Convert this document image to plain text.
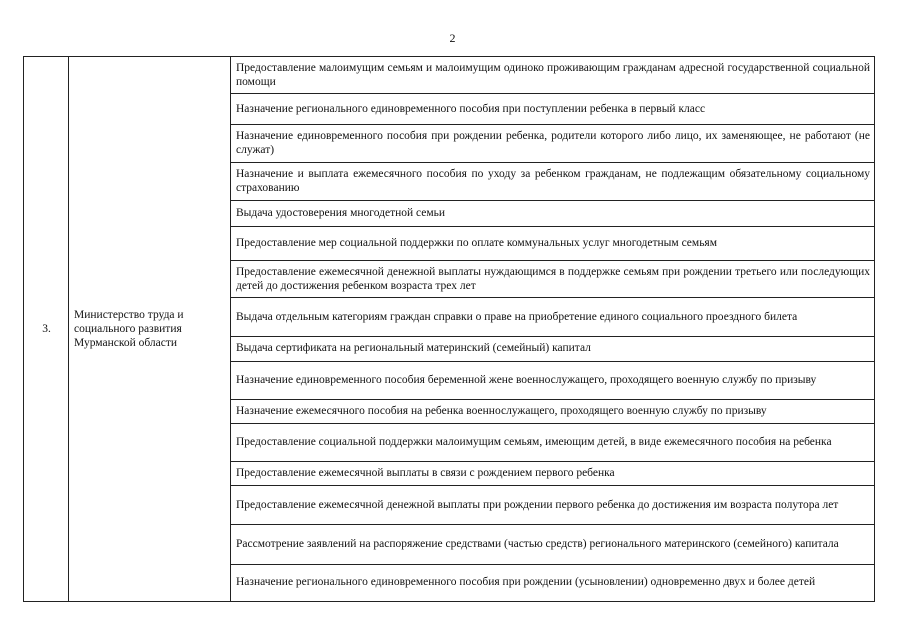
2
3.	Министерство труда и социального развития Мурманской области	Предоставление малоимущим семьям и малоимущим одиноко проживающим гражданам адресной государственной социальной помощи
Назначение регионального единовременного пособия при поступлении ребенка в первый класс
Назначение единовременного пособия при рождении ребенка, родители которого либо лицо, их заменяющее, не работают (не служат)
Назначение и выплата ежемесячного пособия по уходу за ребенком гражданам, не подлежащим обязательному социальному страхованию
Выдача удостоверения многодетной семьи
Предоставление мер социальной поддержки по оплате коммунальных услуг многодетным семьям
Предоставление ежемесячной денежной выплаты нуждающимся в поддержке семьям при рождении третьего или последующих детей до достижения ребенком возраста трех лет
Выдача отдельным категориям граждан справки о праве на приобретение единого социального проездного билета
Выдача сертификата на региональный материнский (семейный) капитал
Назначение единовременного пособия беременной жене военнослужащего, проходящего военную службу по призыву
Назначение ежемесячного пособия на ребенка военнослужащего, проходящего военную службу по призыву
Предоставление социальной поддержки малоимущим семьям, имеющим детей, в виде ежемесячного пособия на ребенка
Предоставление ежемесячной выплаты в связи с рождением первого ребенка
Предоставление ежемесячной денежной выплаты при рождении первого ребенка до достижения им возраста полутора лет
Рассмотрение заявлений на распоряжение средствами (частью средств) регионального материнского (семейного) капитала
Назначение регионального единовременного пособия при рождении (усыновлении) одновременно двух и более детей
